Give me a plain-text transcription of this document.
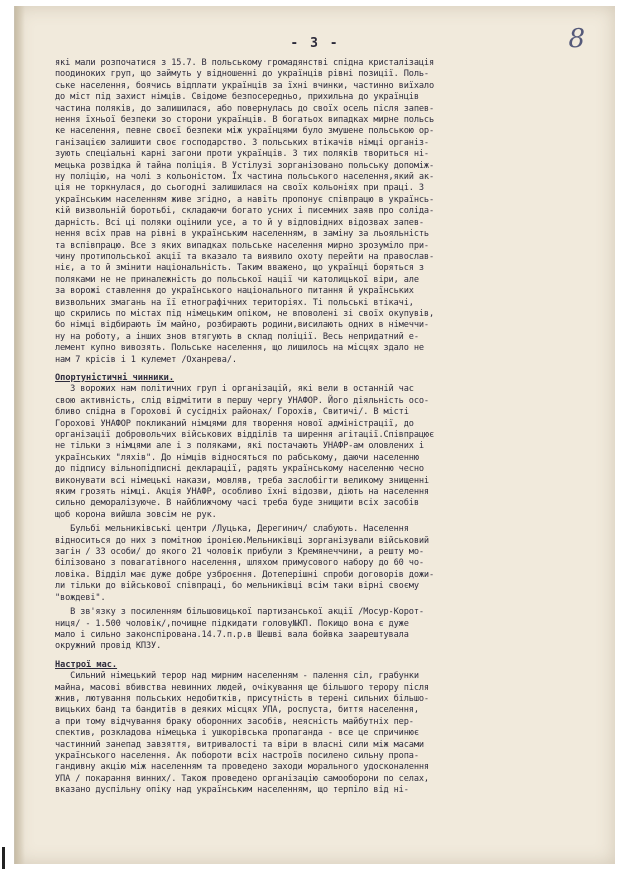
- 3 -	8

які мали розпочатися з 15.7. В польському громадянстві спідна кристалізація

поодиноких груп, що займуть у відношенні до українців рівні позиції. Поль-

ське населення, боячись відплати українців за їхні вчинки, частинно виїхало

до міст під захист німців. Свідоме безпосередньо, прихильна до українців

частина поляків, до залишилася, або повернулась до своїх осель після запев-

нення їхньої безпеки зо сторони українців. В богатьох випадках мирне польсь

ке населення, певне своєї безпеки між українцями було змушене польською ор-

ганізацією залишити своє господарство. З польських втікачів німці організ-

зують спеціальні карні загони проти українців. З тих поляків твориться ні-

мецька розвідка й тайна поліція. В Устілузі зорганізовано польську допоміж-

ну поліцію, на чолі з кольоністом. Їх частина польського населення,який ак-

ція не торкнулася, до сьогодні залишилася на своїх кольоніях при праці. З

українським населенням живе згідно, а навіть пропонує співпрацю в українсь-

кій визвольній боротьбі, складаючи богато усних і писемних заяв про соліда-

дарність. Всі ці поляки оцінили усе, а то й у відповідних відозвах запев-

нення всіх прав на рівні в українським населенням, в заміну за льояльність

та вспівпрацю. Все з яких випадках польське населення мирно зрозуміло при-

чину протипольської акції та вказало та виявило охоту перейти на православ-

ніє, а то й змінити національність. Таким вважено, що українці боряться з

поляками не не приналежність до польської нації чи католицької віри, але

за ворожі ставлення до українського національного питання й українських

визвольних змагань на її етнографічних територіях. Ті польські втікачі,

що скрились по містах під німецьким опіком, не вповолені зі своїх окупувів,

бо німці відбирають їм майно, розбирають родини,висилають одних в німеччи-

ну на роботу, а інших знов втягують в склад поліції. Весь непридатний е-

лемент купно вивозять. Польське населення, що лишилось на місцях здало не

нам 7 крісів і 1 кулемет /Оханрева/.

Опортуністичні чинники.

З ворожих нам політичних груп і організацій, які вели в останній час

свою активність, слід відмітити в першу чергу УНАФОР. Його діяльність осо-

бливо спідна в Горохові й сусідніх районах/ Горохів, Свитичі/. В місті

Горохові УНАФОР покликаний німцями для творення нової адміністрації, до

організації добровольчих військових відділів та ширення агітації.Співпрацює

не тільки з німцями але і з поляками, які постачають УНАФР-ам оловлених і

українських "ляхів". До німців відносяться по рабському, даючи населенню

до підпису вільнопідписні декларації, радять українському населенню чесно

виконувати всі німецькі накази, мовляв, треба заслобігти великому знищенні

яким грозять німці. Акція УНАФР, особливо їхні відозви, діють на населення

сильно деморалізуюче. В найближчому часі треба буде знищити всіх засобів

щоб корона вийшла зовсім не рук.

Бульбі мельниківські центри /Луцька, Дерегинич/ слабують. Населення

відноситься до них з помітною іронією.Мельниківці зорганізували військовий

загін / 33 особи/ до якого 21 чоловік прибули з Кремянеччини, а решту мо-

білізовано з повагатівного населення, шляхом примусового набору до 60 чо-

ловіка. Відділ має дуже добре узброєння. Дотеперішні спроби договорів дожи-

ли тільки до військової співпраці, бо мельниківці всім таки вірні своєму

"вождеві".

В зв'язку з посиленням більшовицької партизанської акції /Мосур-Корот-

ниця/ - 1.500 чоловік/,почищне підкидати голову№КП. Покищо вона є дуже

мало і сильно законспірована.14.7.п.р.в Шешві вала бойвка заарештувала

окружний провід КПЗУ.

Настрої мас.

Сильний німецький терор над мирним населенням - палення сіл, грабунки

майна, масові вбивства невинних людей, очікування ще більшого терору після

жнив, лютування польських недобитків, присутність в терені сильних більшо-

вицьких банд та бандитів в деяких місцях УПА, роспуста, биття населення,

а при тому відчування браку оборонних засобів, неясність майбутніх пер-

спектив, розкладова німецька і ушкорівська пропаганда - все це спричинює

частинний занепад завзяття, витривалості та віри в власні сили між масами

українського населення. Ак побороти всіх настроїв посилено сильну пропа-

гандивну акцію між населенням та проведено заходи морального удосконалення

УПА / покарання винних/. Також проведено організацію самооборони по селах,

вказано дуспільну опіку над українським населенням, що терпіло від ні-
